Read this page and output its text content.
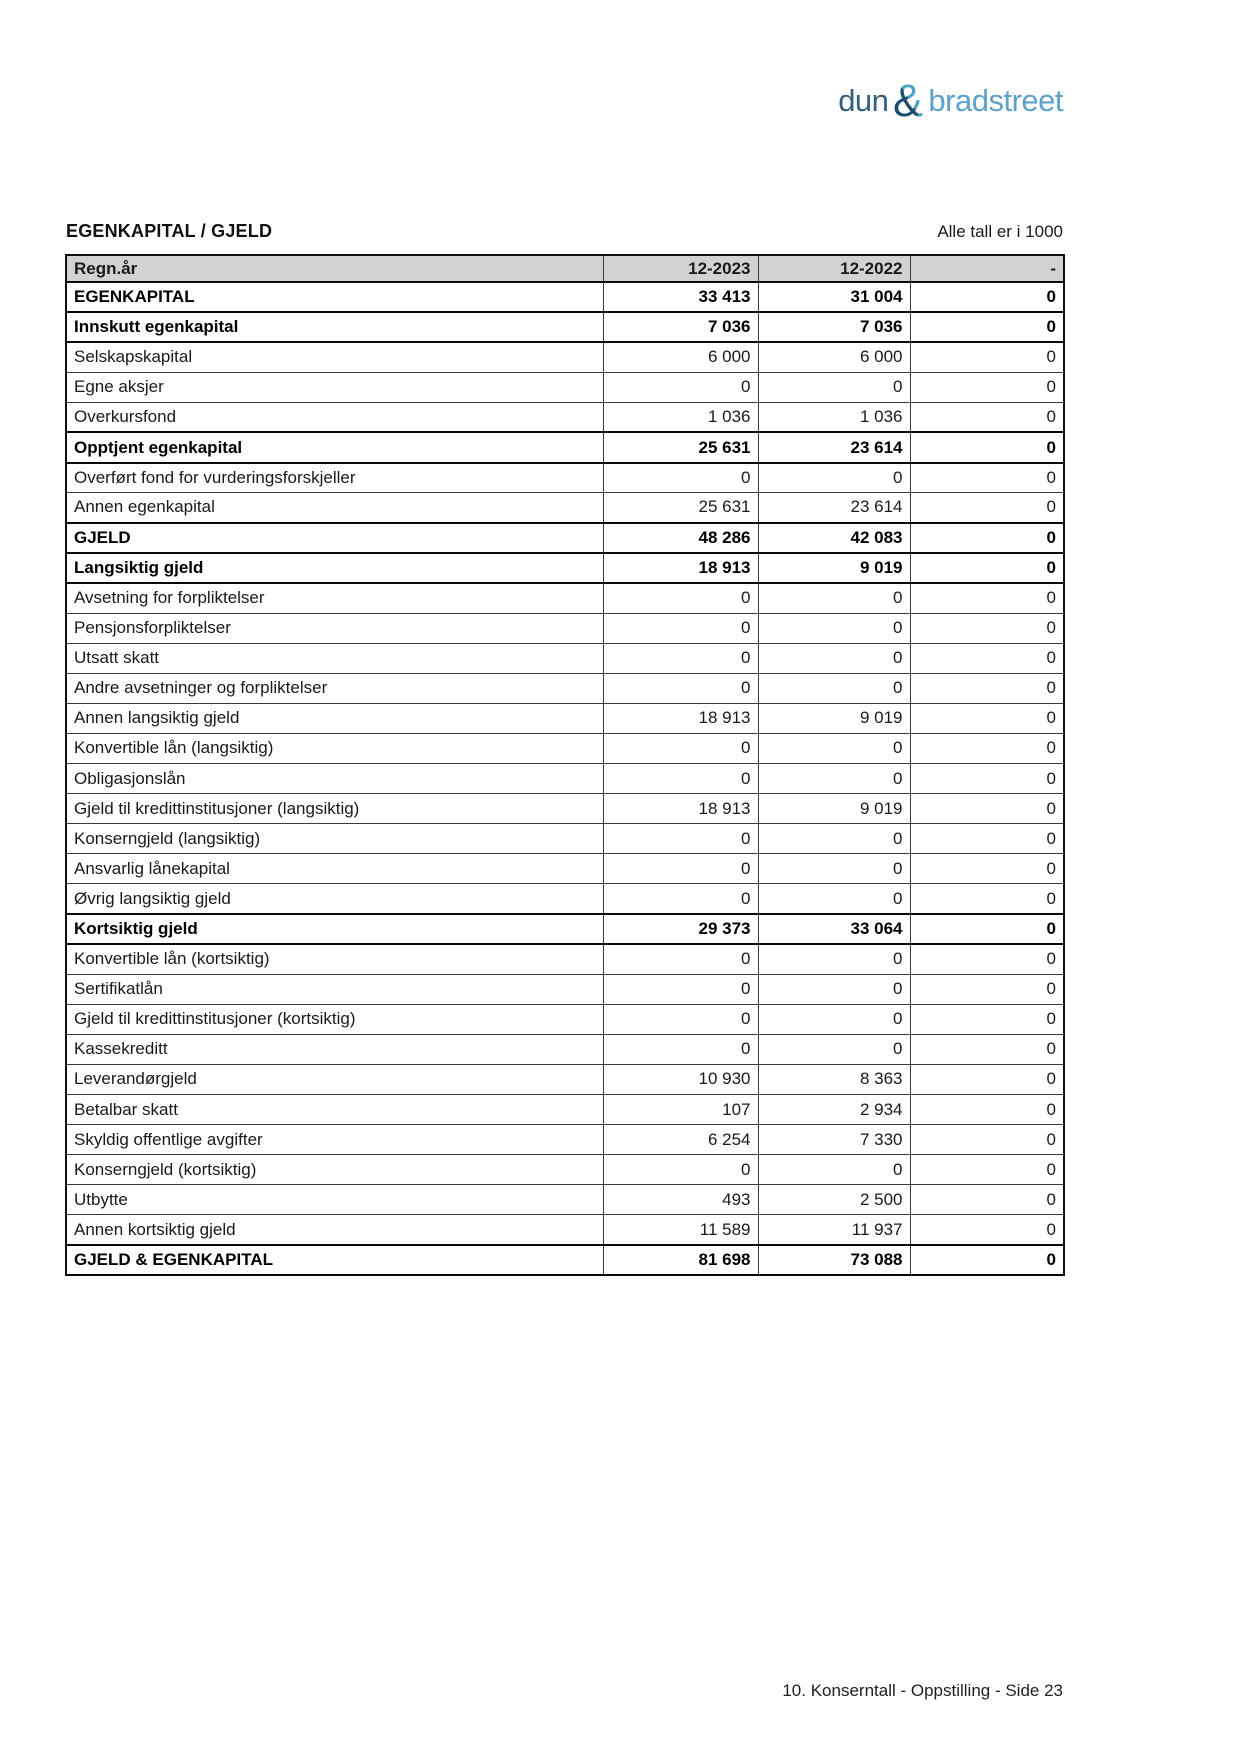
dun & bradstreet
EGENKAPITAL / GJELD	Alle tall er i 1000
Regn.år	12-2023	12-2022	-
EGENKAPITAL	33 413	31 004	0
Innskutt egenkapital	7 036	7 036	0
Selskapskapital	6 000	6 000	0
Egne aksjer	0	0	0
Overkursfond	1 036	1 036	0
Opptjent egenkapital	25 631	23 614	0
Overført fond for vurderingsforskjeller	0	0	0
Annen egenkapital	25 631	23 614	0
GJELD	48 286	42 083	0
Langsiktig gjeld	18 913	9 019	0
Avsetning for forpliktelser	0	0	0
Pensjonsforpliktelser	0	0	0
Utsatt skatt	0	0	0
Andre avsetninger og forpliktelser	0	0	0
Annen langsiktig gjeld	18 913	9 019	0
Konvertible lån (langsiktig)	0	0	0
Obligasjonslån	0	0	0
Gjeld til kredittinstitusjoner (langsiktig)	18 913	9 019	0
Konserngjeld (langsiktig)	0	0	0
Ansvarlig lånekapital	0	0	0
Øvrig langsiktig gjeld	0	0	0
Kortsiktig gjeld	29 373	33 064	0
Konvertible lån (kortsiktig)	0	0	0
Sertifikatlån	0	0	0
Gjeld til kredittinstitusjoner (kortsiktig)	0	0	0
Kassekreditt	0	0	0
Leverandørgjeld	10 930	8 363	0
Betalbar skatt	107	2 934	0
Skyldig offentlige avgifter	6 254	7 330	0
Konserngjeld (kortsiktig)	0	0	0
Utbytte	493	2 500	0
Annen kortsiktig gjeld	11 589	11 937	0
GJELD & EGENKAPITAL	81 698	73 088	0
10. Konserntall - Oppstilling - Side 23
